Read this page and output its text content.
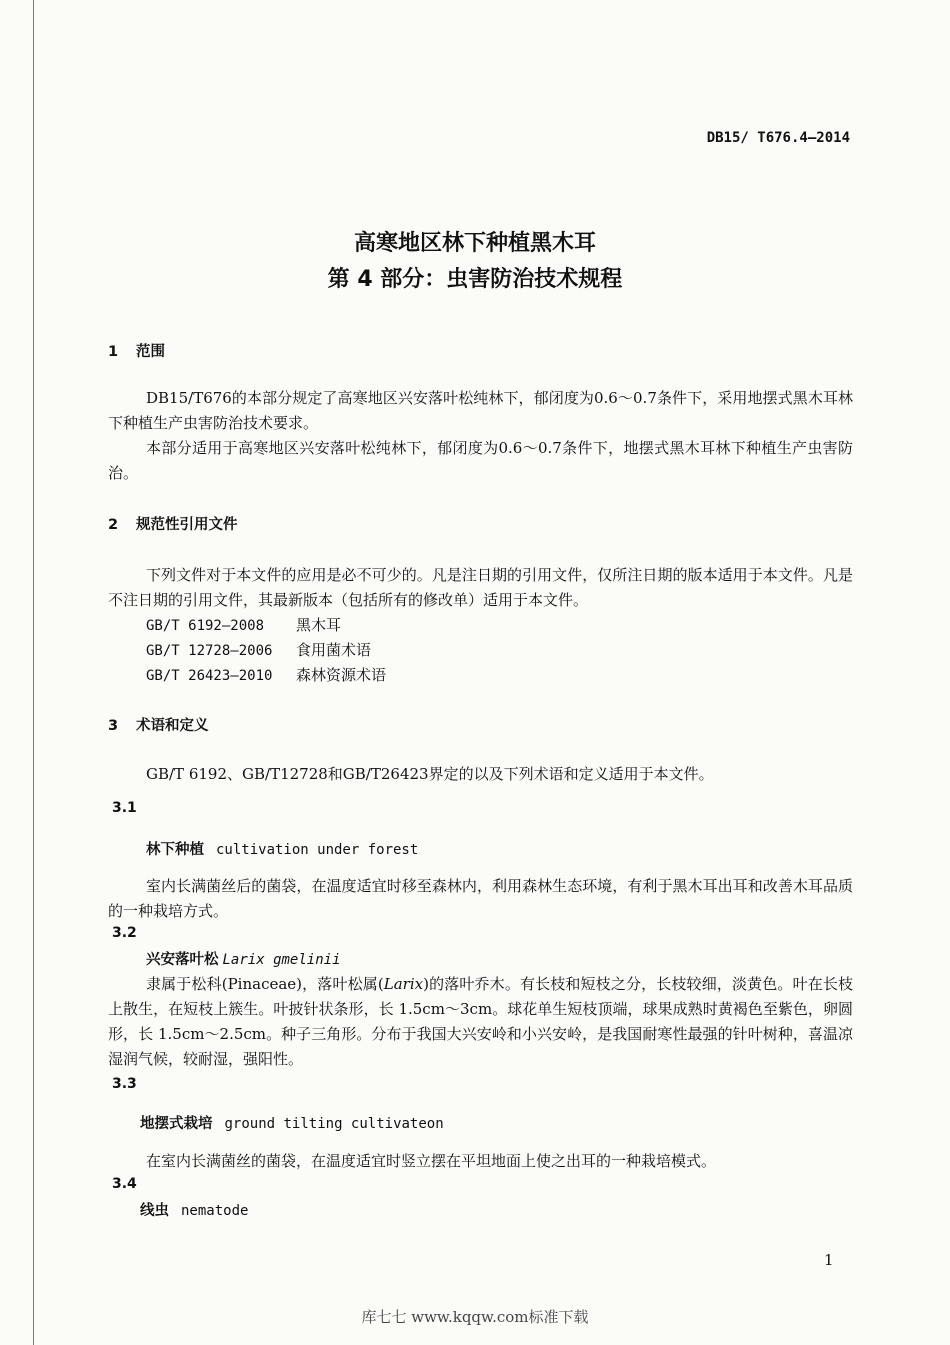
DB15/ T676.4—2014
高寒地区林下种植黑木耳
第 4 部分：虫害防治技术规程
1 范围
DB15/T676的本部分规定了高寒地区兴安落叶松纯林下，郁闭度为0.6～0.7条件下，采用地摆式黑木耳林下种植生产虫害防治技术要求。
本部分适用于高寒地区兴安落叶松纯林下，郁闭度为0.6～0.7条件下，地摆式黑木耳林下种植生产虫害防治。
2 规范性引用文件
下列文件对于本文件的应用是必不可少的。凡是注日期的引用文件，仅所注日期的版本适用于本文件。凡是不注日期的引用文件，其最新版本（包括所有的修改单）适用于本文件。
GB/T 6192—2008 黑木耳
GB/T 12728—2006 食用菌术语
GB/T 26423—2010 森林资源术语
3 术语和定义
GB/T 6192、GB/T12728和GB/T26423界定的以及下列术语和定义适用于本文件。
3.1
林下种植 cultivation under forest
室内长满菌丝后的菌袋，在温度适宜时移至森林内，利用森林生态环境，有利于黑木耳出耳和改善木耳品质的一种栽培方式。
3.2
兴安落叶松 Larix gmelinii
隶属于松科(Pinaceae)，落叶松属(Larix)的落叶乔木。有长枝和短枝之分，长枝较细，淡黄色。叶在长枝上散生，在短枝上簇生。叶披针状条形，长 1.5cm～3cm。球花单生短枝顶端，球果成熟时黄褐色至紫色，卵圆形，长 1.5cm～2.5cm。种子三角形。分布于我国大兴安岭和小兴安岭，是我国耐寒性最强的针叶树种，喜温凉湿润气候，较耐湿，强阳性。
3.3
地摆式栽培 ground tilting cultivateon
在室内长满菌丝的菌袋，在温度适宜时竖立摆在平坦地面上使之出耳的一种栽培模式。
3.4
线虫 nematode
1
库七七 www.kqqw.com标准下载
